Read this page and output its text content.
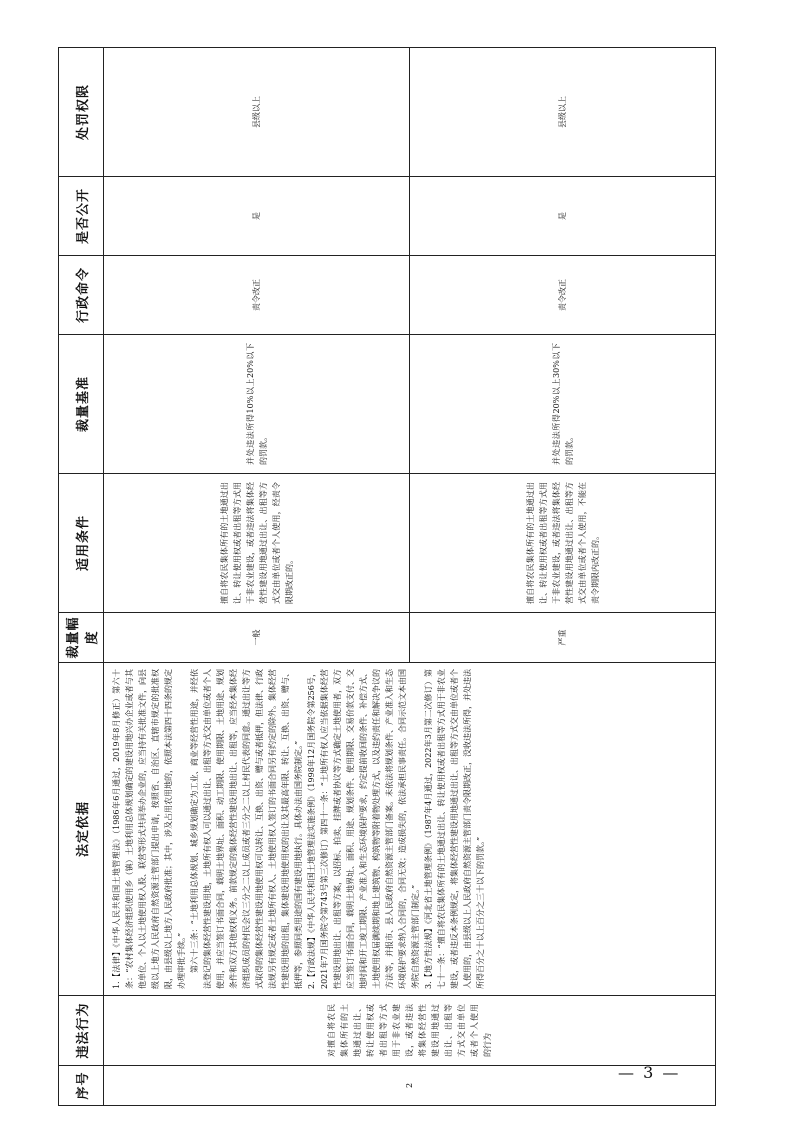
序号	违法行为	法定依据	裁量幅度	适用条件	裁量基准	行政命令	是否公开	处罚权限
2	对擅自将农民集体所有的土地通过出让、转让使用权或者出租等方式用于非农业建设，或者违法将集体经营性建设用地通过出让、出租等方式交由单位或者个人使用的行为	1.【法律】《中华人民共和国土地管理法》（1986年6月通过，2019年8月修正）第六十条：“农村集体经济组织使用乡（镇）土地利用总体规划确定的建设用地兴办企业或者与其他单位、个人以土地使用权入股、联营等形式共同举办企业的，应当持有关批准文件，向县级以上地方人民政府自然资源主管部门提出申请，按照省、自治区、直辖市规定的批准权限，由县级以上地方人民政府批准；其中，涉及占用农用地的，依照本法第四十四条的规定办理审批手续。” 第六十三条：“土地利用总体规划、城乡规划确定为工业、商业等经营性用途，并经依法登记的集体经营性建设用地，土地所有权人可以通过出让、出租等方式交由单位或者个人使用，并应当签订书面合同，载明土地界址、面积、动工期限、使用期限、土地用途、规划条件和双方其他权利义务。前款规定的集体经营性建设用地出让、出租等，应当经本集体经济组织成员的村民会议三分之二以上成员或者三分之二以上村民代表的同意。通过出让等方式取得的集体经营性建设用地使用权可以转让、互换、出资、赠与或者抵押，但法律、行政法规另有规定或者土地所有权人、土地使用权人签订的书面合同另有约定的除外。集体经营性建设用地的出租，集体建设用地使用权的出让及其最高年限、转让、互换、出资、赠与、抵押等，参照同类用途的国有建设用地执行。具体办法由国务院制定。” 2.【行政法规】《中华人民共和国土地管理法实施条例》（1998年12月国务院令第256号，2021年7月国务院令第743号第三次修订）第四十一条：“土地所有权人应当依据集体经营性建设用地出让、出租等方案，以招标、拍卖、挂牌或者协议等方式确定土地使用者，双方应当签订书面合同，载明土地界址、面积、用途、规划条件、使用期限、交易价款支付、交地时间和开工竣工期限、产业准入和生态环境保护要求，约定提前收回的条件、补偿方式、土地使用权届满续期和地上建筑物、构筑物等附着物处理方式，以及违约责任和解决争议的方法等，并报市、县人民政府自然资源主管部门备案。未依法将规划条件、产业准入和生态环境保护要求纳入合同的，合同无效；造成损失的，依法承担民事责任。合同示范文本由国务院自然资源主管部门制定。” 3.【地方性法规】《河北省土地管理条例》（1987年4月通过，2022年3月第二次修订）第七十一条：“擅自将农民集体所有的土地通过出让、转让使用权或者出租等方式用于非农业建设，或者违反本条例规定，将集体经营性建设用地通过出让、出租等方式交由单位或者个人使用的，由县级以上人民政府自然资源主管部门责令限期改正，没收违法所得，并处违法所得百分之十以上百分之三十以下的罚款。”	一般	擅自将农民集体所有的土地通过出让、转让使用权或者出租等方式用于非农业建设，或者违法将集体经营性建设用地通过出让、出租等方式交由单位或者个人使用，经责令限期改正的。	并处违法所得10%以上20%以下的罚款。	责令改正	是	县级以上
			严重	擅自将农民集体所有的土地通过出让、转让使用权或者出租等方式用于非农业建设，或者违法将集体经营性建设用地通过出让、出租等方式交由单位或者个人使用，不能在责令期限内改正的。	并处违法所得20%以上30%以下的罚款。	责令改正	是	县级以上
— 3 —
